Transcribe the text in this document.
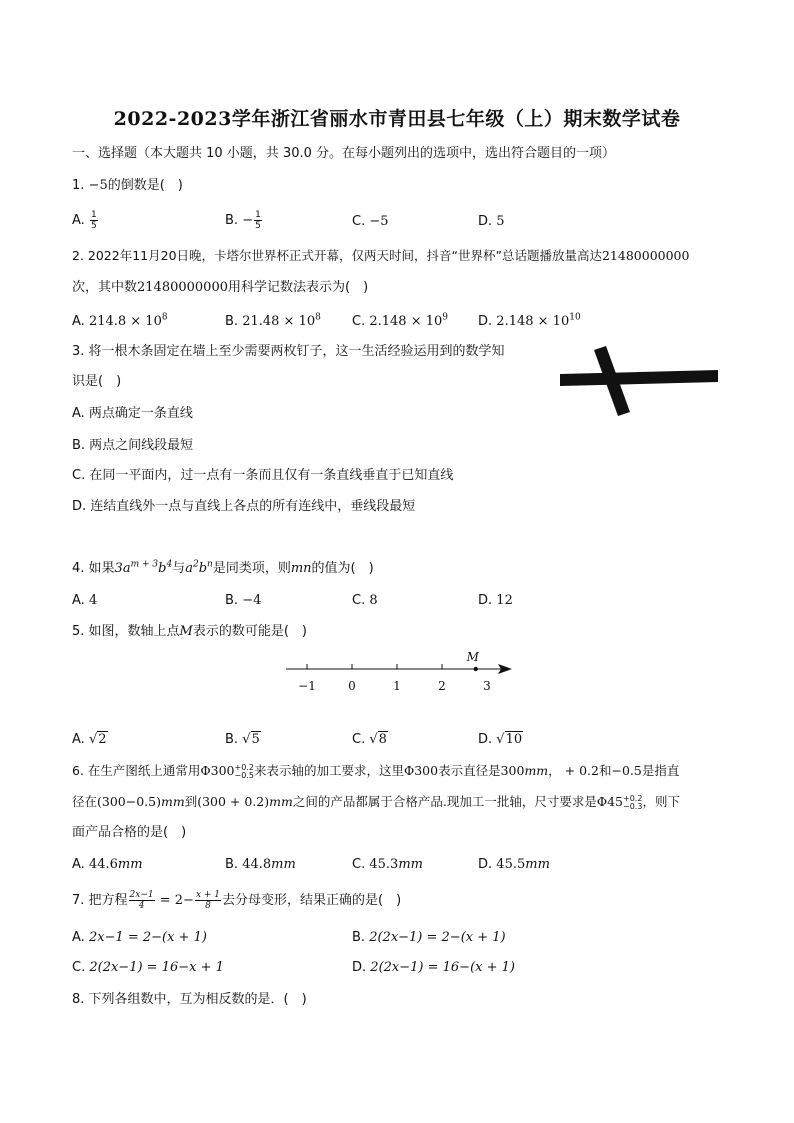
2022-2023学年浙江省丽水市青田县七年级（上）期末数学试卷
一、选择题（本大题共 10 小题，共 30.0 分。在每小题列出的选项中，选出符合题目的一项）
1. −5的倒数是(　)
A. $\frac{1}{5}$	B. − $\frac{1}{5}$	C. −5	D. 5
2. 2022年11月20日晚，卡塔尔世界杯正式开幕，仅两天时间，抖音“世界杯”总话题播放量高达21480000000
次，其中数21480000000用科学记数法表示为(　)
A. $214.8 \times 10^8$	B. $21.48 \times 10^8$ C. $2.148 \times 10^9$ D. $2.148 \times 10^{10}$
3. 将一根木条固定在墙上至少需要两枚钉子，这一生活经验运用到的数学知
识是(　)
A. 两点确定一条直线
B. 两点之间线段最短
C. 在同一平面内，过一点有一条而且仅有一条直线垂直于已知直线
D. 连结直线外一点与直线上各点的所有连线中，垂线段最短
4. 如果$3a^{m + 3}b^4$与$a^2b^n$是同类项，则mn的值为(　)
A. 4	B. −4	C. 8	D. 12
5. 如图，数轴上点M表示的数可能是(　)
−1	0	1	2	3
M
A. √2	B. √5	C. √8	D. √10
6. 在生产图纸上通常用Φ300 +0.2
−0.5 来表示轴的加工要求，这里Φ300表示直径是300mm， + 0.2和−0.5是指直
径在(300−0.5)mm到(300 + 0.2)mm之间的产品都属于合格产品.现加工一批轴，尺寸要求是Φ45 +0.2
−0.3 ，则下
面产品合格的是(　)
A. 44.6mm	B. 44.8mm	C. 45.3mm	D. 45.5mm
7. 把方程 $\frac{2x-1}{4} = 2- \frac{x + 1}{8}$ 去分母变形，结果正确的是(　)
A. 2x−1 = 2−(x + 1)	B. 2(2x−1) = 2−(x + 1)
C. 2(2x−1) = 16−x + 1	D. 2(2x−1) = 16−(x + 1)
8. 下列各组数中，互为相反数的是．(　)
